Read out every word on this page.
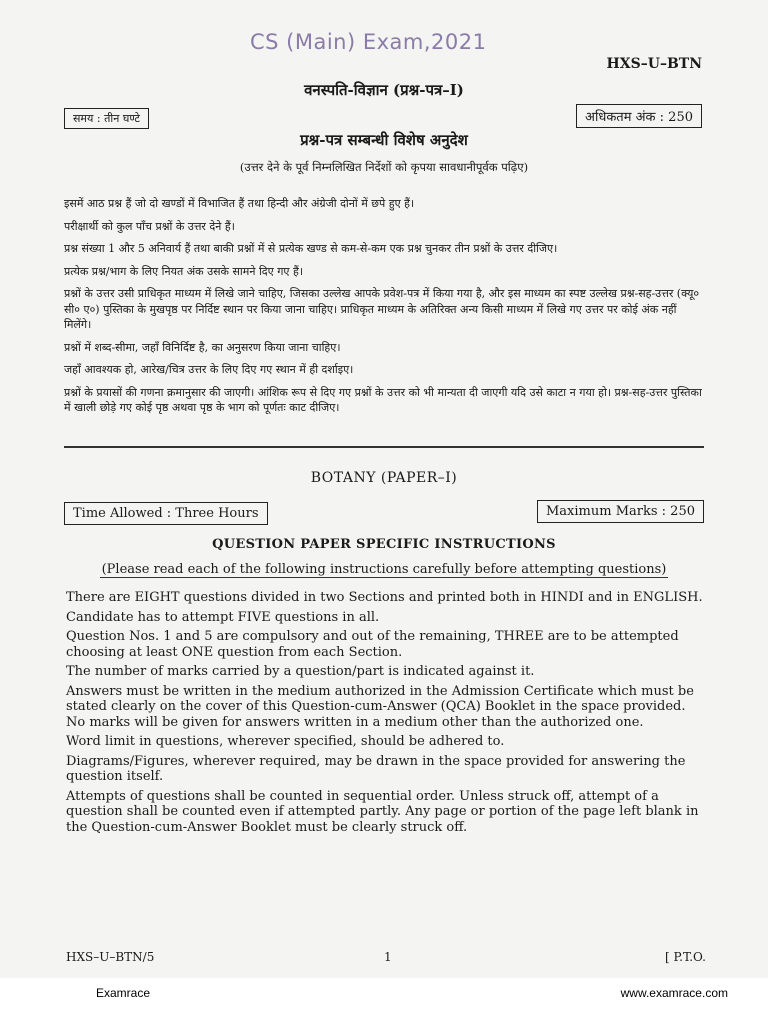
CS (Main) Exam,2021
HXS–U–BTN
वनस्पति-विज्ञान (प्रश्न-पत्र–I)
समय : तीन घण्टे	अधिकतम अंक : 250
प्रश्न-पत्र सम्बन्धी विशेष अनुदेश
(उत्तर देने के पूर्व निम्नलिखित निर्देशों को कृपया सावधानीपूर्वक पढ़िए)

इसमें आठ प्रश्न हैं जो दो खण्डों में विभाजित हैं तथा हिन्दी और अंग्रेजी दोनों में छपे हुए हैं।

परीक्षार्थी को कुल पाँच प्रश्नों के उत्तर देने हैं।

प्रश्न संख्या 1 और 5 अनिवार्य हैं तथा बाकी प्रश्नों में से प्रत्येक खण्ड से कम-से-कम एक प्रश्न चुनकर तीन प्रश्नों के उत्तर दीजिए।

प्रत्येक प्रश्न/भाग के लिए नियत अंक उसके सामने दिए गए हैं।

प्रश्नों के उत्तर उसी प्राधिकृत माध्यम में लिखे जाने चाहिए, जिसका उल्लेख आपके प्रवेश-पत्र में किया गया है, और इस माध्यम का स्पष्ट उल्लेख प्रश्न-सह-उत्तर (क्यू० सी० ए०) पुस्तिका के मुखपृष्ठ पर निर्दिष्ट स्थान पर किया जाना चाहिए। प्राधिकृत माध्यम के अतिरिक्त अन्य किसी माध्यम में लिखे गए उत्तर पर कोई अंक नहीं मिलेंगे।

प्रश्नों में शब्द-सीमा, जहाँ विनिर्दिष्ट है, का अनुसरण किया जाना चाहिए।

जहाँ आवश्यक हो, आरेख/चित्र उत्तर के लिए दिए गए स्थान में ही दर्शाइए।

प्रश्नों के प्रयासों की गणना क्रमानुसार की जाएगी। आंशिक रूप से दिए गए प्रश्नों के उत्तर को भी मान्यता दी जाएगी यदि उसे काटा न गया हो। प्रश्न-सह-उत्तर पुस्तिका में खाली छोड़े गए कोई पृष्ठ अथवा पृष्ठ के भाग को पूर्णतः काट दीजिए।

BOTANY (PAPER–I)
Time Allowed : Three Hours	Maximum Marks : 250
QUESTION PAPER SPECIFIC INSTRUCTIONS
(Please read each of the following instructions carefully before attempting questions)

There are EIGHT questions divided in two Sections and printed both in HINDI and in ENGLISH.

Candidate has to attempt FIVE questions in all.

Question Nos. 1 and 5 are compulsory and out of the remaining, THREE are to be attempted choosing at least ONE question from each Section.

The number of marks carried by a question/part is indicated against it.

Answers must be written in the medium authorized in the Admission Certificate which must be stated clearly on the cover of this Question-cum-Answer (QCA) Booklet in the space provided. No marks will be given for answers written in a medium other than the authorized one.

Word limit in questions, wherever specified, should be adhered to.

Diagrams/Figures, wherever required, may be drawn in the space provided for answering the question itself.

Attempts of questions shall be counted in sequential order. Unless struck off, attempt of a question shall be counted even if attempted partly. Any page or portion of the page left blank in the Question-cum-Answer Booklet must be clearly struck off.

HXS–U–BTN/5	1	[ P.T.O.
Examrace	www.examrace.com
